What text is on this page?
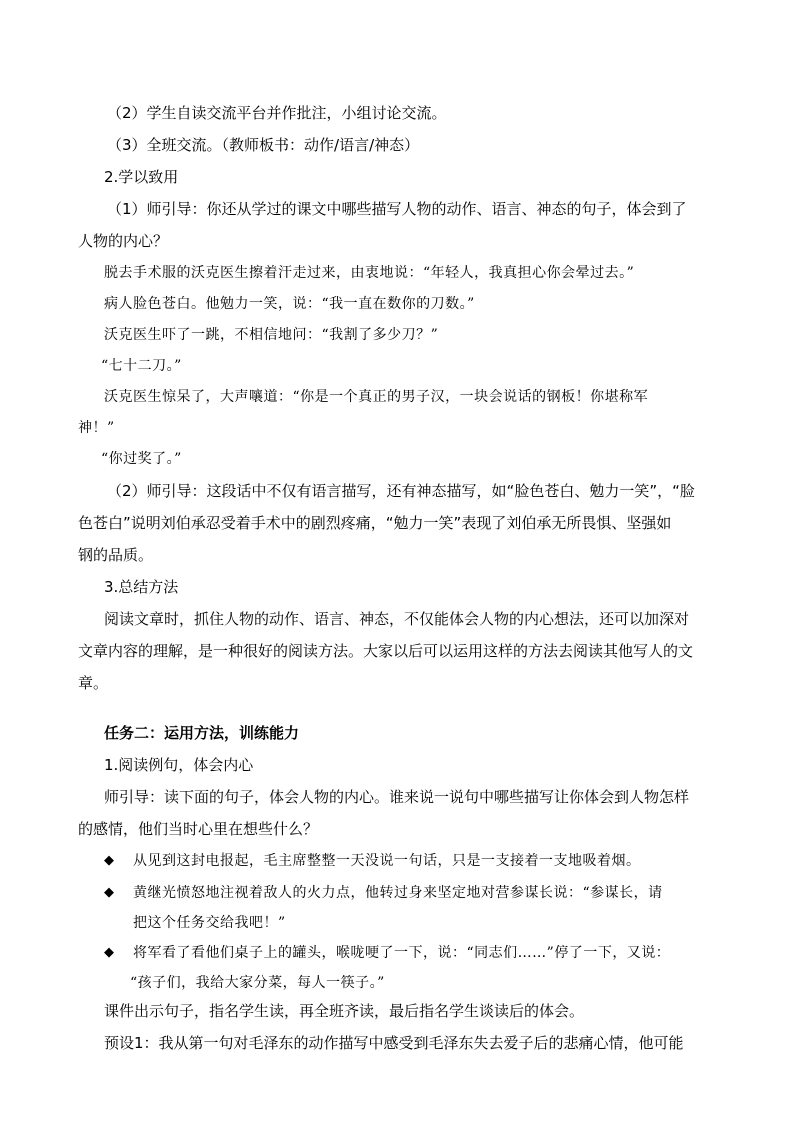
（2）学生自读交流平台并作批注，小组讨论交流。
（3）全班交流。（教师板书：动作/语言/神态）
2.学以致用
（1）师引导：你还从学过的课文中哪些描写人物的动作、语言、神态的句子，体会到了
人物的内心？
脱去手术服的沃克医生擦着汗走过来，由衷地说：“年轻人，我真担心你会晕过去。”
病人脸色苍白。他勉力一笑，说：“我一直在数你的刀数。”
沃克医生吓了一跳，不相信地问：“我割了多少刀？”
“七十二刀。”
沃克医生惊呆了，大声嚷道：“你是一个真正的男子汉，一块会说话的钢板！你堪称军
神！”
“你过奖了。”
（2）师引导：这段话中不仅有语言描写，还有神态描写，如“脸色苍白、勉力一笑”，“脸
色苍白”说明刘伯承忍受着手术中的剧烈疼痛，“勉力一笑”表现了刘伯承无所畏惧、坚强如
钢的品质。
3.总结方法
阅读文章时，抓住人物的动作、语言、神态，不仅能体会人物的内心想法，还可以加深对
文章内容的理解，是一种很好的阅读方法。大家以后可以运用这样的方法去阅读其他写人的文
章。
任务二：运用方法，训练能力
1.阅读例句，体会内心
师引导：读下面的句子，体会人物的内心。谁来说一说句中哪些描写让你体会到人物怎样
的感情，他们当时心里在想些什么？
◆	从见到这封电报起，毛主席整整一天没说一句话，只是一支接着一支地吸着烟。
◆	黄继光愤怒地注视着敌人的火力点，他转过身来坚定地对营参谋长说：“参谋长，请
把这个任务交给我吧！”
◆	将军看了看他们桌子上的罐头，喉咙哽了一下，说：“同志们……”停了一下，又说：
“孩子们，我给大家分菜，每人一筷子。”
课件出示句子，指名学生读，再全班齐读，最后指名学生谈读后的体会。
预设1：我从第一句对毛泽东的动作描写中感受到毛泽东失去爱子后的悲痛心情，他可能
